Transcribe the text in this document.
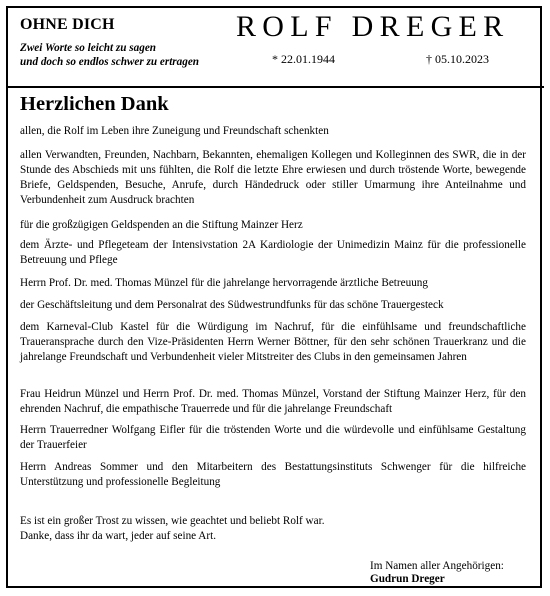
OHNE DICH
Zwei Worte so leicht zu sagen
und doch so endlos schwer zu ertragen
ROLF DREGER
* 22.01.1944	† 05.10.2023
Herzlichen Dank
allen, die Rolf im Leben ihre Zuneigung und Freundschaft schenkten
allen Verwandten, Freunden, Nachbarn, Bekannten, ehemaligen Kollegen und Kolleginnen des SWR, die in der Stunde des Abschieds mit uns fühlten, die Rolf die letzte Ehre erwiesen und durch tröstende Worte, bewegende Briefe, Geldspenden, Besuche, Anrufe, durch Händedruck oder stiller Umarmung ihre Anteilnahme und Verbundenheit zum Ausdruck brachten
für die großzügigen Geldspenden an die Stiftung Mainzer Herz
dem Ärzte- und Pflegeteam der Intensivstation 2A Kardiologie der Unimedizin Mainz für die professionelle Betreuung und Pflege
Herrn Prof. Dr. med. Thomas Münzel für die jahrelange hervorragende ärztliche Betreuung
der Geschäftsleitung und dem Personalrat des Südwestrundfunks für das schöne Trauergesteck
dem Karneval-Club Kastel für die Würdigung im Nachruf, für die einfühlsame und freundschaftliche Traueransprache durch den Vize-Präsidenten Herrn Werner Böttner, für den sehr schönen Trauerkranz und die jahrelange Freundschaft und Verbundenheit vieler Mitstreiter des Clubs in den gemeinsamen Jahren
Frau Heidrun Münzel und Herrn Prof. Dr. med. Thomas Münzel, Vorstand der Stiftung Mainzer Herz, für den ehrenden Nachruf, die empathische Trauerrede und für die jahrelange Freundschaft
Herrn Trauerredner Wolfgang Eifler für die tröstenden Worte und die würdevolle und einfühlsame Gestaltung der Trauerfeier
Herrn Andreas Sommer und den Mitarbeitern des Bestattungsinstituts Schwenger für die hilfreiche Unterstützung und professionelle Begleitung
Es ist ein großer Trost zu wissen, wie geachtet und beliebt Rolf war.
Danke, dass ihr da wart, jeder auf seine Art.
Im Namen aller Angehörigen:
Gudrun Dreger
